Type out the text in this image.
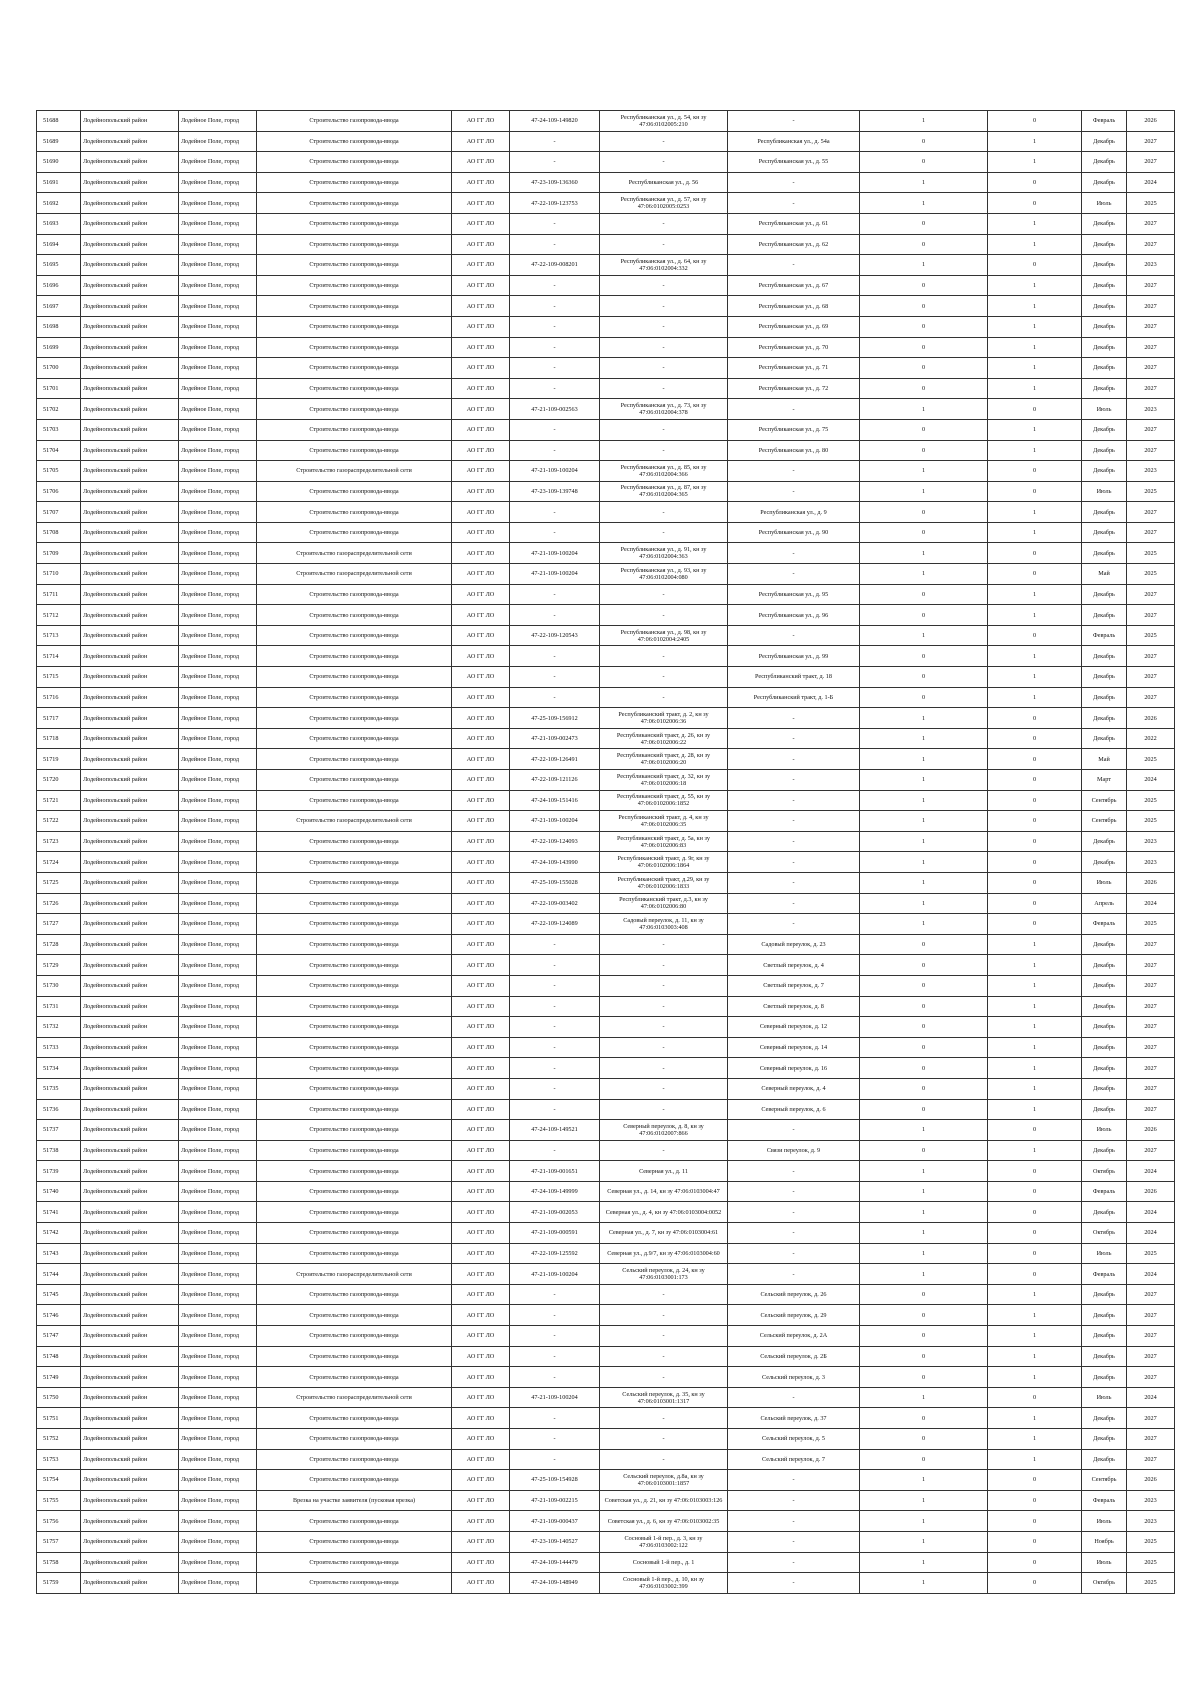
51688	Лодейнопольский район	Лодейное Поле, город	Строительство газопровода-ввода	АО ГГ ЛО	47-24-109-149820	Республиканская ул., д. 54, кн зу 47:06:0102005:210	-	1	0	Февраль	2026
51689	Лодейнопольский район	Лодейное Поле, город	Строительство газопровода-ввода	АО ГГ ЛО	-	-	Республиканская ул., д. 54а	0	1	Декабрь	2027
51690	Лодейнопольский район	Лодейное Поле, город	Строительство газопровода-ввода	АО ГГ ЛО	-	-	Республиканская ул., д. 55	0	1	Декабрь	2027
51691	Лодейнопольский район	Лодейное Поле, город	Строительство газопровода-ввода	АО ГГ ЛО	47-23-109-136360	Республиканская ул., д. 56	-	1	0	Декабрь	2024
51692	Лодейнопольский район	Лодейное Поле, город	Строительство газопровода-ввода	АО ГГ ЛО	47-22-109-123753	Республиканская ул., д. 57, кн зу 47:06:0102005:0253	-	1	0	Июль	2025
51693	Лодейнопольский район	Лодейное Поле, город	Строительство газопровода-ввода	АО ГГ ЛО	-	-	Республиканская ул., д. 61	0	1	Декабрь	2027
51694	Лодейнопольский район	Лодейное Поле, город	Строительство газопровода-ввода	АО ГГ ЛО	-	-	Республиканская ул., д. 62	0	1	Декабрь	2027
51695	Лодейнопольский район	Лодейное Поле, город	Строительство газопровода-ввода	АО ГГ ЛО	47-22-109-008201	Республиканская ул., д. 64, кн зу 47:06:0102004:332	-	1	0	Декабрь	2023
51696	Лодейнопольский район	Лодейное Поле, город	Строительство газопровода-ввода	АО ГГ ЛО	-	-	Республиканская ул., д. 67	0	1	Декабрь	2027
51697	Лодейнопольский район	Лодейное Поле, город	Строительство газопровода-ввода	АО ГГ ЛО	-	-	Республиканская ул., д. 68	0	1	Декабрь	2027
51698	Лодейнопольский район	Лодейное Поле, город	Строительство газопровода-ввода	АО ГГ ЛО	-	-	Республиканская ул., д. 69	0	1	Декабрь	2027
51699	Лодейнопольский район	Лодейное Поле, город	Строительство газопровода-ввода	АО ГГ ЛО	-	-	Республиканская ул., д. 70	0	1	Декабрь	2027
51700	Лодейнопольский район	Лодейное Поле, город	Строительство газопровода-ввода	АО ГГ ЛО	-	-	Республиканская ул., д. 71	0	1	Декабрь	2027
51701	Лодейнопольский район	Лодейное Поле, город	Строительство газопровода-ввода	АО ГГ ЛО	-	-	Республиканская ул., д. 72	0	1	Декабрь	2027
51702	Лодейнопольский район	Лодейное Поле, город	Строительство газопровода-ввода	АО ГГ ЛО	47-21-109-002563	Республиканская ул., д. 73, кн зу 47:06:0102004:378	-	1	0	Июль	2023
51703	Лодейнопольский район	Лодейное Поле, город	Строительство газопровода-ввода	АО ГГ ЛО	-	-	Республиканская ул., д. 75	0	1	Декабрь	2027
51704	Лодейнопольский район	Лодейное Поле, город	Строительство газопровода-ввода	АО ГГ ЛО	-	-	Республиканская ул., д. 80	0	1	Декабрь	2027
51705	Лодейнопольский район	Лодейное Поле, город	Строительство газораспределительной сети	АО ГГ ЛО	47-21-109-100204	Республиканская ул., д. 85, кн зу 47:06:0102004:366	-	1	0	Декабрь	2023
51706	Лодейнопольский район	Лодейное Поле, город	Строительство газопровода-ввода	АО ГГ ЛО	47-23-109-139748	Республиканская ул., д. 87, кн зу 47:06:0102004:365	-	1	0	Июль	2025
51707	Лодейнопольский район	Лодейное Поле, город	Строительство газопровода-ввода	АО ГГ ЛО	-	-	Республиканская ул., д. 9	0	1	Декабрь	2027
51708	Лодейнопольский район	Лодейное Поле, город	Строительство газопровода-ввода	АО ГГ ЛО	-	-	Республиканская ул., д. 90	0	1	Декабрь	2027
51709	Лодейнопольский район	Лодейное Поле, город	Строительство газораспределительной сети	АО ГГ ЛО	47-21-109-100204	Республиканская ул., д. 91, кн зу 47:06:0102004:363	-	1	0	Декабрь	2025
51710	Лодейнопольский район	Лодейное Поле, город	Строительство газораспределительной сети	АО ГГ ЛО	47-21-109-100204	Республиканская ул., д. 93, кн зу 47:06:0102004:080	-	1	0	Май	2025
51711	Лодейнопольский район	Лодейное Поле, город	Строительство газопровода-ввода	АО ГГ ЛО	-	-	Республиканская ул., д. 95	0	1	Декабрь	2027
51712	Лодейнопольский район	Лодейное Поле, город	Строительство газопровода-ввода	АО ГГ ЛО	-	-	Республиканская ул., д. 96	0	1	Декабрь	2027
51713	Лодейнопольский район	Лодейное Поле, город	Строительство газопровода-ввода	АО ГГ ЛО	47-22-109-120543	Республиканская ул., д. 98, кн зу 47:06:0102004:2405	-	1	0	Февраль	2025
51714	Лодейнопольский район	Лодейное Поле, город	Строительство газопровода-ввода	АО ГГ ЛО	-	-	Республиканская ул., д. 99	0	1	Декабрь	2027
51715	Лодейнопольский район	Лодейное Поле, город	Строительство газопровода-ввода	АО ГГ ЛО	-	-	Республиканский тракт, д. 18	0	1	Декабрь	2027
51716	Лодейнопольский район	Лодейное Поле, город	Строительство газопровода-ввода	АО ГГ ЛО	-	-	Республиканский тракт, д. 1-Б	0	1	Декабрь	2027
51717	Лодейнопольский район	Лодейное Поле, город	Строительство газопровода-ввода	АО ГГ ЛО	47-25-109-156912	Республиканский тракт, д. 2, кн зу 47:06:0102006:36	-	1	0	Декабрь	2026
51718	Лодейнопольский район	Лодейное Поле, город	Строительство газопровода-ввода	АО ГГ ЛО	47-21-109-002473	Республиканский тракт, д. 26, кн зу 47:06:0102006:22	-	1	0	Декабрь	2022
51719	Лодейнопольский район	Лодейное Поле, город	Строительство газопровода-ввода	АО ГГ ЛО	47-22-109-126491	Республиканский тракт, д. 28, кн зу 47:06:0102006:20	-	1	0	Май	2025
51720	Лодейнопольский район	Лодейное Поле, город	Строительство газопровода-ввода	АО ГГ ЛО	47-22-109-121126	Республиканский тракт, д. 32, кн зу 47:06:0102006:18	-	1	0	Март	2024
51721	Лодейнопольский район	Лодейное Поле, город	Строительство газопровода-ввода	АО ГГ ЛО	47-24-109-151416	Республиканский тракт, д. 55, кн зу 47:06:0102006:1852	-	1	0	Сентябрь	2025
51722	Лодейнопольский район	Лодейное Поле, город	Строительство газораспределительной сети	АО ГГ ЛО	47-21-109-100204	Республиканский тракт, д. 4, кн зу 47:06:0102006:35	-	1	0	Сентябрь	2025
51723	Лодейнопольский район	Лодейное Поле, город	Строительство газопровода-ввода	АО ГГ ЛО	47-22-109-124093	Республиканский тракт, д. 5а, кн зу 47:06:0102006:83	-	1	0	Декабрь	2023
51724	Лодейнопольский район	Лодейное Поле, город	Строительство газопровода-ввода	АО ГГ ЛО	47-24-109-143990	Республиканский тракт, д. 9г, кн зу 47:06:0102006:1864	-	1	0	Декабрь	2023
51725	Лодейнопольский район	Лодейное Поле, город	Строительство газопровода-ввода	АО ГГ ЛО	47-25-109-155028	Республиканский тракт, д.29, кн зу 47:06:0102006:1833	-	1	0	Июль	2026
51726	Лодейнопольский район	Лодейное Поле, город	Строительство газопровода-ввода	АО ГГ ЛО	47-22-109-003402	Республиканский тракт, д.3, кн зу 47:06:0102006:80	-	1	0	Апрель	2024
51727	Лодейнопольский район	Лодейное Поле, город	Строительство газопровода-ввода	АО ГГ ЛО	47-22-109-124089	Садовый переулок, д. 11, кн зу 47:06:0103003:408	-	1	0	Февраль	2025
51728	Лодейнопольский район	Лодейное Поле, город	Строительство газопровода-ввода	АО ГГ ЛО	-	-	Садовый переулок, д. 23	0	1	Декабрь	2027
51729	Лодейнопольский район	Лодейное Поле, город	Строительство газопровода-ввода	АО ГГ ЛО	-	-	Светлый переулок, д. 4	0	1	Декабрь	2027
51730	Лодейнопольский район	Лодейное Поле, город	Строительство газопровода-ввода	АО ГГ ЛО	-	-	Светлый переулок, д. 7	0	1	Декабрь	2027
51731	Лодейнопольский район	Лодейное Поле, город	Строительство газопровода-ввода	АО ГГ ЛО	-	-	Светлый переулок, д. 8	0	1	Декабрь	2027
51732	Лодейнопольский район	Лодейное Поле, город	Строительство газопровода-ввода	АО ГГ ЛО	-	-	Северный переулок, д. 12	0	1	Декабрь	2027
51733	Лодейнопольский район	Лодейное Поле, город	Строительство газопровода-ввода	АО ГГ ЛО	-	-	Северный переулок, д. 14	0	1	Декабрь	2027
51734	Лодейнопольский район	Лодейное Поле, город	Строительство газопровода-ввода	АО ГГ ЛО	-	-	Северный переулок, д. 16	0	1	Декабрь	2027
51735	Лодейнопольский район	Лодейное Поле, город	Строительство газопровода-ввода	АО ГГ ЛО	-	-	Северный переулок, д. 4	0	1	Декабрь	2027
51736	Лодейнопольский район	Лодейное Поле, город	Строительство газопровода-ввода	АО ГГ ЛО	-	-	Северный переулок, д. 6	0	1	Декабрь	2027
51737	Лодейнопольский район	Лодейное Поле, город	Строительство газопровода-ввода	АО ГГ ЛО	47-24-109-149521	Северный переулок, д. 8, кн зу 47:06:0102007:866	-	1	0	Июль	2026
51738	Лодейнопольский район	Лодейное Поле, город	Строительство газопровода-ввода	АО ГГ ЛО	-	-	Связи переулок, д. 9	0	1	Декабрь	2027
51739	Лодейнопольский район	Лодейное Поле, город	Строительство газопровода-ввода	АО ГГ ЛО	47-21-109-001651	Северная ул., д. 11	-	1	0	Октябрь	2024
51740	Лодейнопольский район	Лодейное Поле, город	Строительство газопровода-ввода	АО ГГ ЛО	47-24-109-149999	Северная ул., д. 14, кн зу 47:06:0103004:47	-	1	0	Февраль	2026
51741	Лодейнопольский район	Лодейное Поле, город	Строительство газопровода-ввода	АО ГГ ЛО	47-21-109-002053	Северная ул., д. 4, кн зу 47:06:0103004:0052	-	1	0	Декабрь	2024
51742	Лодейнопольский район	Лодейное Поле, город	Строительство газопровода-ввода	АО ГГ ЛО	47-21-109-000591	Северная ул., д. 7, кн зу 47:06:0103004:61	-	1	0	Октябрь	2024
51743	Лодейнопольский район	Лодейное Поле, город	Строительство газопровода-ввода	АО ГГ ЛО	47-22-109-125592	Северная ул., д.9/7, кн зу 47:06:0103004:60	-	1	0	Июль	2025
51744	Лодейнопольский район	Лодейное Поле, город	Строительство газораспределительной сети	АО ГГ ЛО	47-21-109-100204	Сельский переулок, д. 24, кн зу 47:06:0103001:173	-	1	0	Февраль	2024
51745	Лодейнопольский район	Лодейное Поле, город	Строительство газопровода-ввода	АО ГГ ЛО	-	-	Сельский переулок, д. 26	0	1	Декабрь	2027
51746	Лодейнопольский район	Лодейное Поле, город	Строительство газопровода-ввода	АО ГГ ЛО	-	-	Сельский переулок, д. 29	0	1	Декабрь	2027
51747	Лодейнопольский район	Лодейное Поле, город	Строительство газопровода-ввода	АО ГГ ЛО	-	-	Сельский переулок, д. 2А	0	1	Декабрь	2027
51748	Лодейнопольский район	Лодейное Поле, город	Строительство газопровода-ввода	АО ГГ ЛО	-	-	Сельский переулок, д. 2Б	0	1	Декабрь	2027
51749	Лодейнопольский район	Лодейное Поле, город	Строительство газопровода-ввода	АО ГГ ЛО	-	-	Сельский переулок, д. 3	0	1	Декабрь	2027
51750	Лодейнопольский район	Лодейное Поле, город	Строительство газораспределительной сети	АО ГГ ЛО	47-21-109-100204	Сельский переулок, д. 35, кн зу 47:06:0103001:1317	-	1	0	Июль	2024
51751	Лодейнопольский район	Лодейное Поле, город	Строительство газопровода-ввода	АО ГГ ЛО	-	-	Сельский переулок, д. 37	0	1	Декабрь	2027
51752	Лодейнопольский район	Лодейное Поле, город	Строительство газопровода-ввода	АО ГГ ЛО	-	-	Сельский переулок, д. 5	0	1	Декабрь	2027
51753	Лодейнопольский район	Лодейное Поле, город	Строительство газопровода-ввода	АО ГГ ЛО	-	-	Сельский переулок, д. 7	0	1	Декабрь	2027
51754	Лодейнопольский район	Лодейное Поле, город	Строительство газопровода-ввода	АО ГГ ЛО	47-25-109-154928	Сельский переулок, д.8а, кн зу 47:06:0103001:1857	-	1	0	Сентябрь	2026
51755	Лодейнопольский район	Лодейное Поле, город	Врезка на участке заявителя (пусковая врезка)	АО ГГ ЛО	47-21-109-002215	Советская ул., д. 21, кн зу 47:06:0103003:126	-	1	0	Февраль	2023
51756	Лодейнопольский район	Лодейное Поле, город	Строительство газопровода-ввода	АО ГГ ЛО	47-21-109-000437	Советская ул., д. 6, кн зу 47:06:0103002:35	-	1	0	Июль	2023
51757	Лодейнопольский район	Лодейное Поле, город	Строительство газопровода-ввода	АО ГГ ЛО	47-23-109-140527	Сосновый 1-й пер., д. 3, кн зу 47:06:0103002:122	-	1	0	Ноябрь	2025
51758	Лодейнопольский район	Лодейное Поле, город	Строительство газопровода-ввода	АО ГГ ЛО	47-24-109-144479	Сосновый 1-й пер., д. 1	-	1	0	Июль	2025
51759	Лодейнопольский район	Лодейное Поле, город	Строительство газопровода-ввода	АО ГГ ЛО	47-24-109-148949	Сосновый 1-й пер., д. 10, кн зу 47:06:0103002:399	-	1	0	Октябрь	2025
